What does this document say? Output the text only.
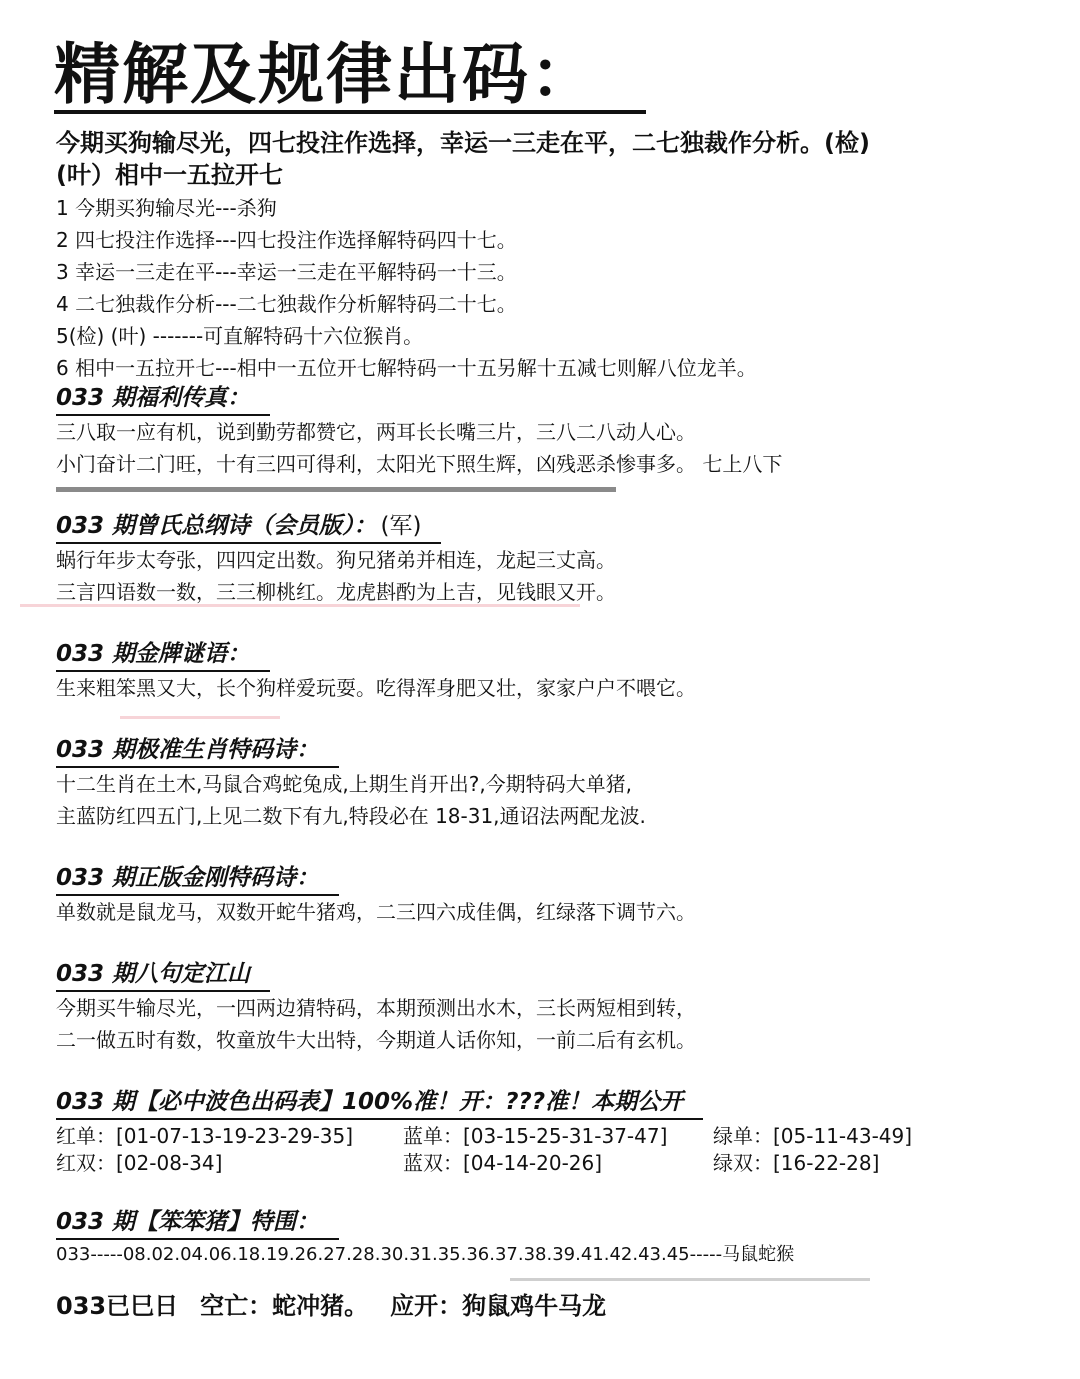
精解及规律出码：
今期买狗输尽光，四七投注作选择，幸运一三走在平，二七独裁作分析。(检)
(叶）相中一五拉开七
1 今期买狗输尽光---杀狗
2 四七投注作选择---四七投注作选择解特码四十七。
3 幸运一三走在平---幸运一三走在平解特码一十三。
4 二七独裁作分析---二七独裁作分析解特码二十七。
5(检) (叶) -------可直解特码十六位猴肖。
6 相中一五拉开七---相中一五位开七解特码一十五另解十五减七则解八位龙羊。
033 期福利传真：
三八取一应有机，说到勤劳都赞它，两耳长长嘴三片，三八二八动人心。
小门奋计二门旺，十有三四可得利，太阳光下照生辉，凶残恶杀惨事多。 七上八下
033 期曾氏总纲诗（会员版）： (军)
蜗行年步太夸张，四四定出数。狗兄猪弟并相连，龙起三丈高。
三言四语数一数，三三柳桃红。龙虎斟酌为上吉，见钱眼又开。
033 期金牌谜语：
生来粗笨黑又大，长个狗样爱玩耍。吃得浑身肥又壮，家家户户不喂它。
033 期极准生肖特码诗：
十二生肖在土木,马鼠合鸡蛇兔成,上期生肖开出?,今期特码大单猪,
主蓝防红四五门,上见二数下有九,特段必在 18-31,通诏法两配龙波.
033 期正版金刚特码诗：
单数就是鼠龙马，双数开蛇牛猪鸡，二三四六成佳偶，红绿落下调节六。
033 期八句定江山
今期买牛输尽光，一四两边猜特码，本期预测出水木，三长两短相到转，
二一做五时有数，牧童放牛大出特，今期道人话你知，一前二后有玄机。
033 期【必中波色出码表】100%准！开：???准！本期公开
红单：[01-07-13-19-23-29-35] 蓝单：[03-15-25-31-37-47] 绿单：[05-11-43-49]
红双：[02-08-34]	蓝双：[04-14-20-26]	绿双：[16-22-28]
033 期【笨笨猪】特围：
033-----08.02.04.06.18.19.26.27.28.30.31.35.36.37.38.39.41.42.43.45-----马鼠蛇猴
033已巳日 空亡：蛇冲猪。 应开：狗鼠鸡牛马龙
